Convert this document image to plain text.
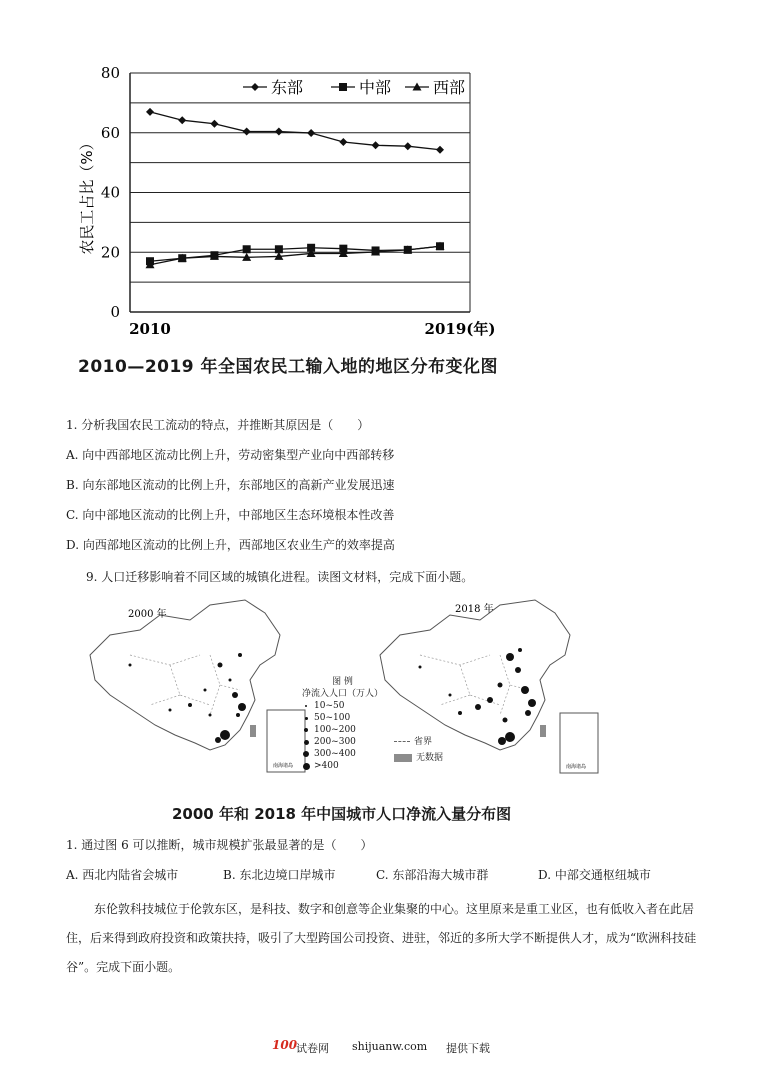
0
20
40
60
80
2010	2019(年)
东部	中部	西部
农民工占比（%）
2010—2019 年全国农民工输入地的地区分布变化图
1. 分析我国农民工流动的特点，并推断其原因是（　　）
A. 向中西部地区流动比例上升，劳动密集型产业向中西部转移
B. 向东部地区流动的比例上升，东部地区的高新产业发展迅速
C. 向中部地区流动的比例上升，中部地区生态环境根本性改善
D. 向西部地区流动的比例上升，西部地区农业生产的效率提高
9. 人口迁移影响着不同区域的城镇化进程。读图文材料，完成下面小题。
南海诸岛
2000 年
图 例
净流入人口（万人）
10~50
50~100
100~200
200~300
300~400
>400	南海诸岛
2018 年
省界
无数据
2000 年和 2018 年中国城市人口净流入量分布图
1. 通过图 6 可以推断，城市规模扩张最显著的是（　　）
A. 西北内陆省会城市	B. 东北边境口岸城市	C. 东部沿海大城市群	D. 中部交通枢纽城市
东伦敦科技城位于伦敦东区，是科技、数字和创意等企业集聚的中心。这里原来是重工业区，也有低收入者在此居住，后来得到政府投资和政策扶持，吸引了大型跨国公司投资、进驻，邻近的多所大学不断提供人才，成为“欧洲科技硅谷”。完成下面小题。
100
试卷网 shijuanw.com 提供下载
